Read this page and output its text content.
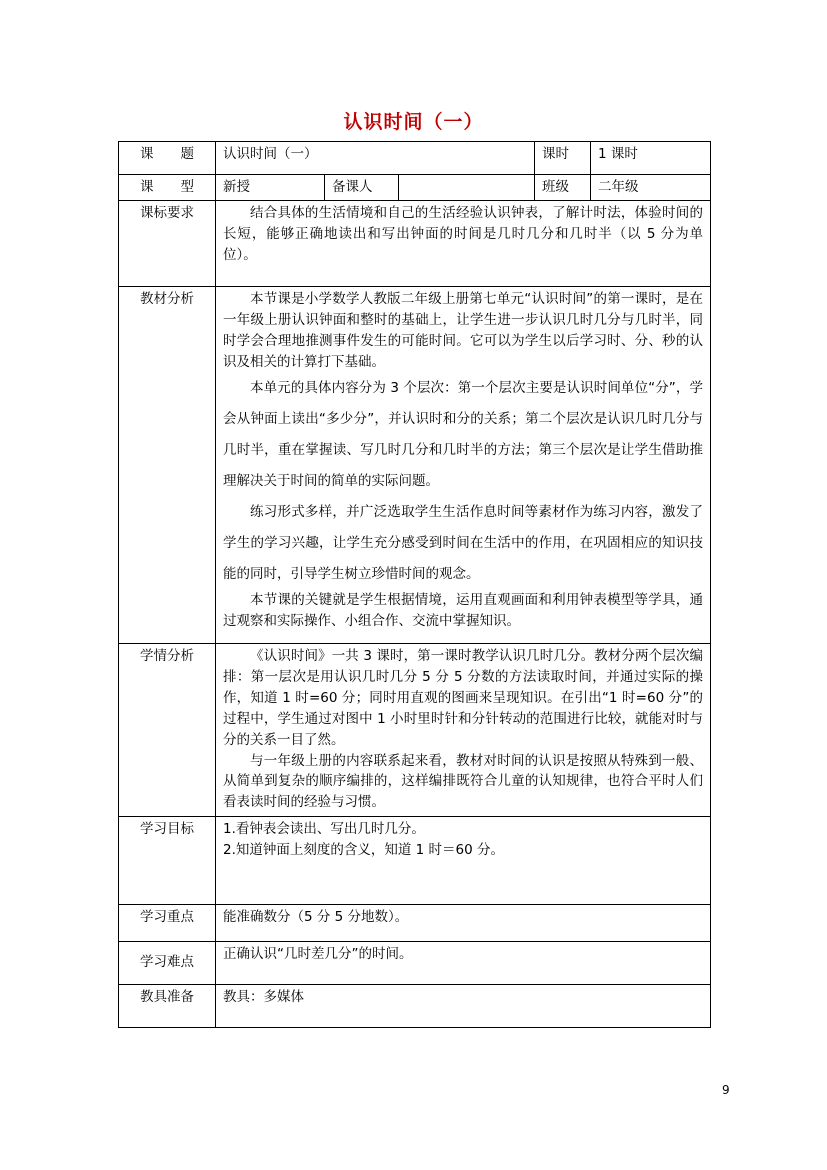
认识时间（一）
课　　题	认识时间（一）			课时	1 课时
课　　型	新授	备课人		班级	二年级
课标要求	结合具体的生活情境和自己的生活经验认识钟表，了解计时法，体验时间的长短，能够正确地读出和写出钟面的时间是几时几分和几时半（以 5 分为单位）。				

教材分析	本节课是小学数学人教版二年级上册第七单元“认识时间”的第一课时，是在一年级上册认识钟面和整时的基础上，让学生进一步认识几时几分与几时半，同时学会合理地推测事件发生的可能时间。它可以为学生以后学习时、分、秒的认识及相关的计算打下基础。

本单元的具体内容分为 3 个层次：第一个层次主要是认识时间单位“分”，学会从钟面上读出“多少分”，并认识时和分的关系；第二个层次是认识几时几分与几时半，重在掌握读、写几时几分和几时半的方法；第三个层次是让学生借助推理解决关于时间的简单的实际问题。

练习形式多样，并广泛选取学生生活作息时间等素材作为练习内容，激发了学生的学习兴趣，让学生充分感受到时间在生活中的作用，在巩固相应的知识技能的同时，引导学生树立珍惜时间的观念。

本节课的关键就是学生根据情境，运用直观画面和利用钟表模型等学具，通过观察和实际操作、小组合作、交流中掌握知识。				

学情分析	《认识时间》一共 3 课时，第一课时教学认识几时几分。教材分两个层次编排：第一层次是用认识几时几分 5 分 5 分数的方法读取时间，并通过实际的操作，知道 1 时=60 分；同时用直观的图画来呈现知识。在引出“1 时=60 分”的过程中，学生通过对图中 1 小时里时针和分针转动的范围进行比较，就能对时与分的关系一目了然。

与一年级上册的内容联系起来看，教材对时间的认识是按照从特殊到一般、从简单到复杂的顺序编排的，这样编排既符合儿童的认知规律，也符合平时人们看表读时间的经验与习惯。				

学习目标	1.看钟表会读出、写出几时几分。
2.知道钟面上刻度的含义，知道 1 时＝60 分。				

学习重点	能准确数分（5 分 5 分地数）。				
学习难点	正确认识“几时差几分”的时间。				
教具准备	教具：多媒体				
9
